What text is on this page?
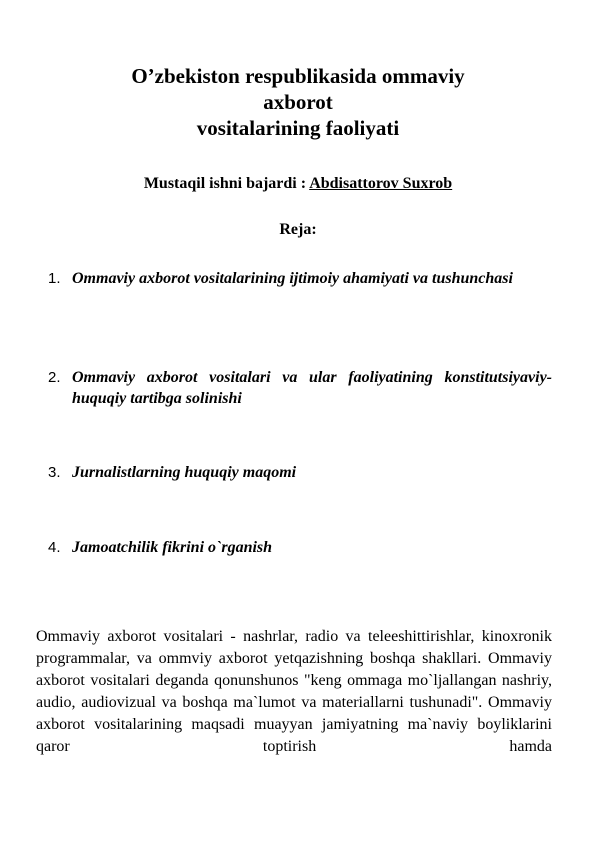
O’zbekiston respublikasida ommaviy
axborot
vositalarining faoliyati
Mustaqil ishni bajardi : Abdisattorov Suxrob
Reja:
1. Ommaviy axborot vositalarining ijtimoiy ahamiyati va tushunchasi
2. Ommaviy axborot vositalari va ular faoliyatining konstitutsiyaviy-huquqiy tartibga solinishi
3. Jurnalistlarning huquqiy maqomi
4. Jamoatchilik fikrini o`rganish
Ommaviy axborot vositalari - nashrlar, radio va teleeshittirishlar, kinoxronik programmalar, va ommviy axborot yetqazishning boshqa shakllari. Ommaviy axborot vositalari deganda qonunshunos "keng ommaga mo`ljallangan nashriy, audio, audiovizual va boshqa ma`lumot va materiallarni tushunadi". Ommaviy axborot vositalarining maqsadi muayyan jamiyatning ma`naviy boyliklarini qaror toptirish hamda
